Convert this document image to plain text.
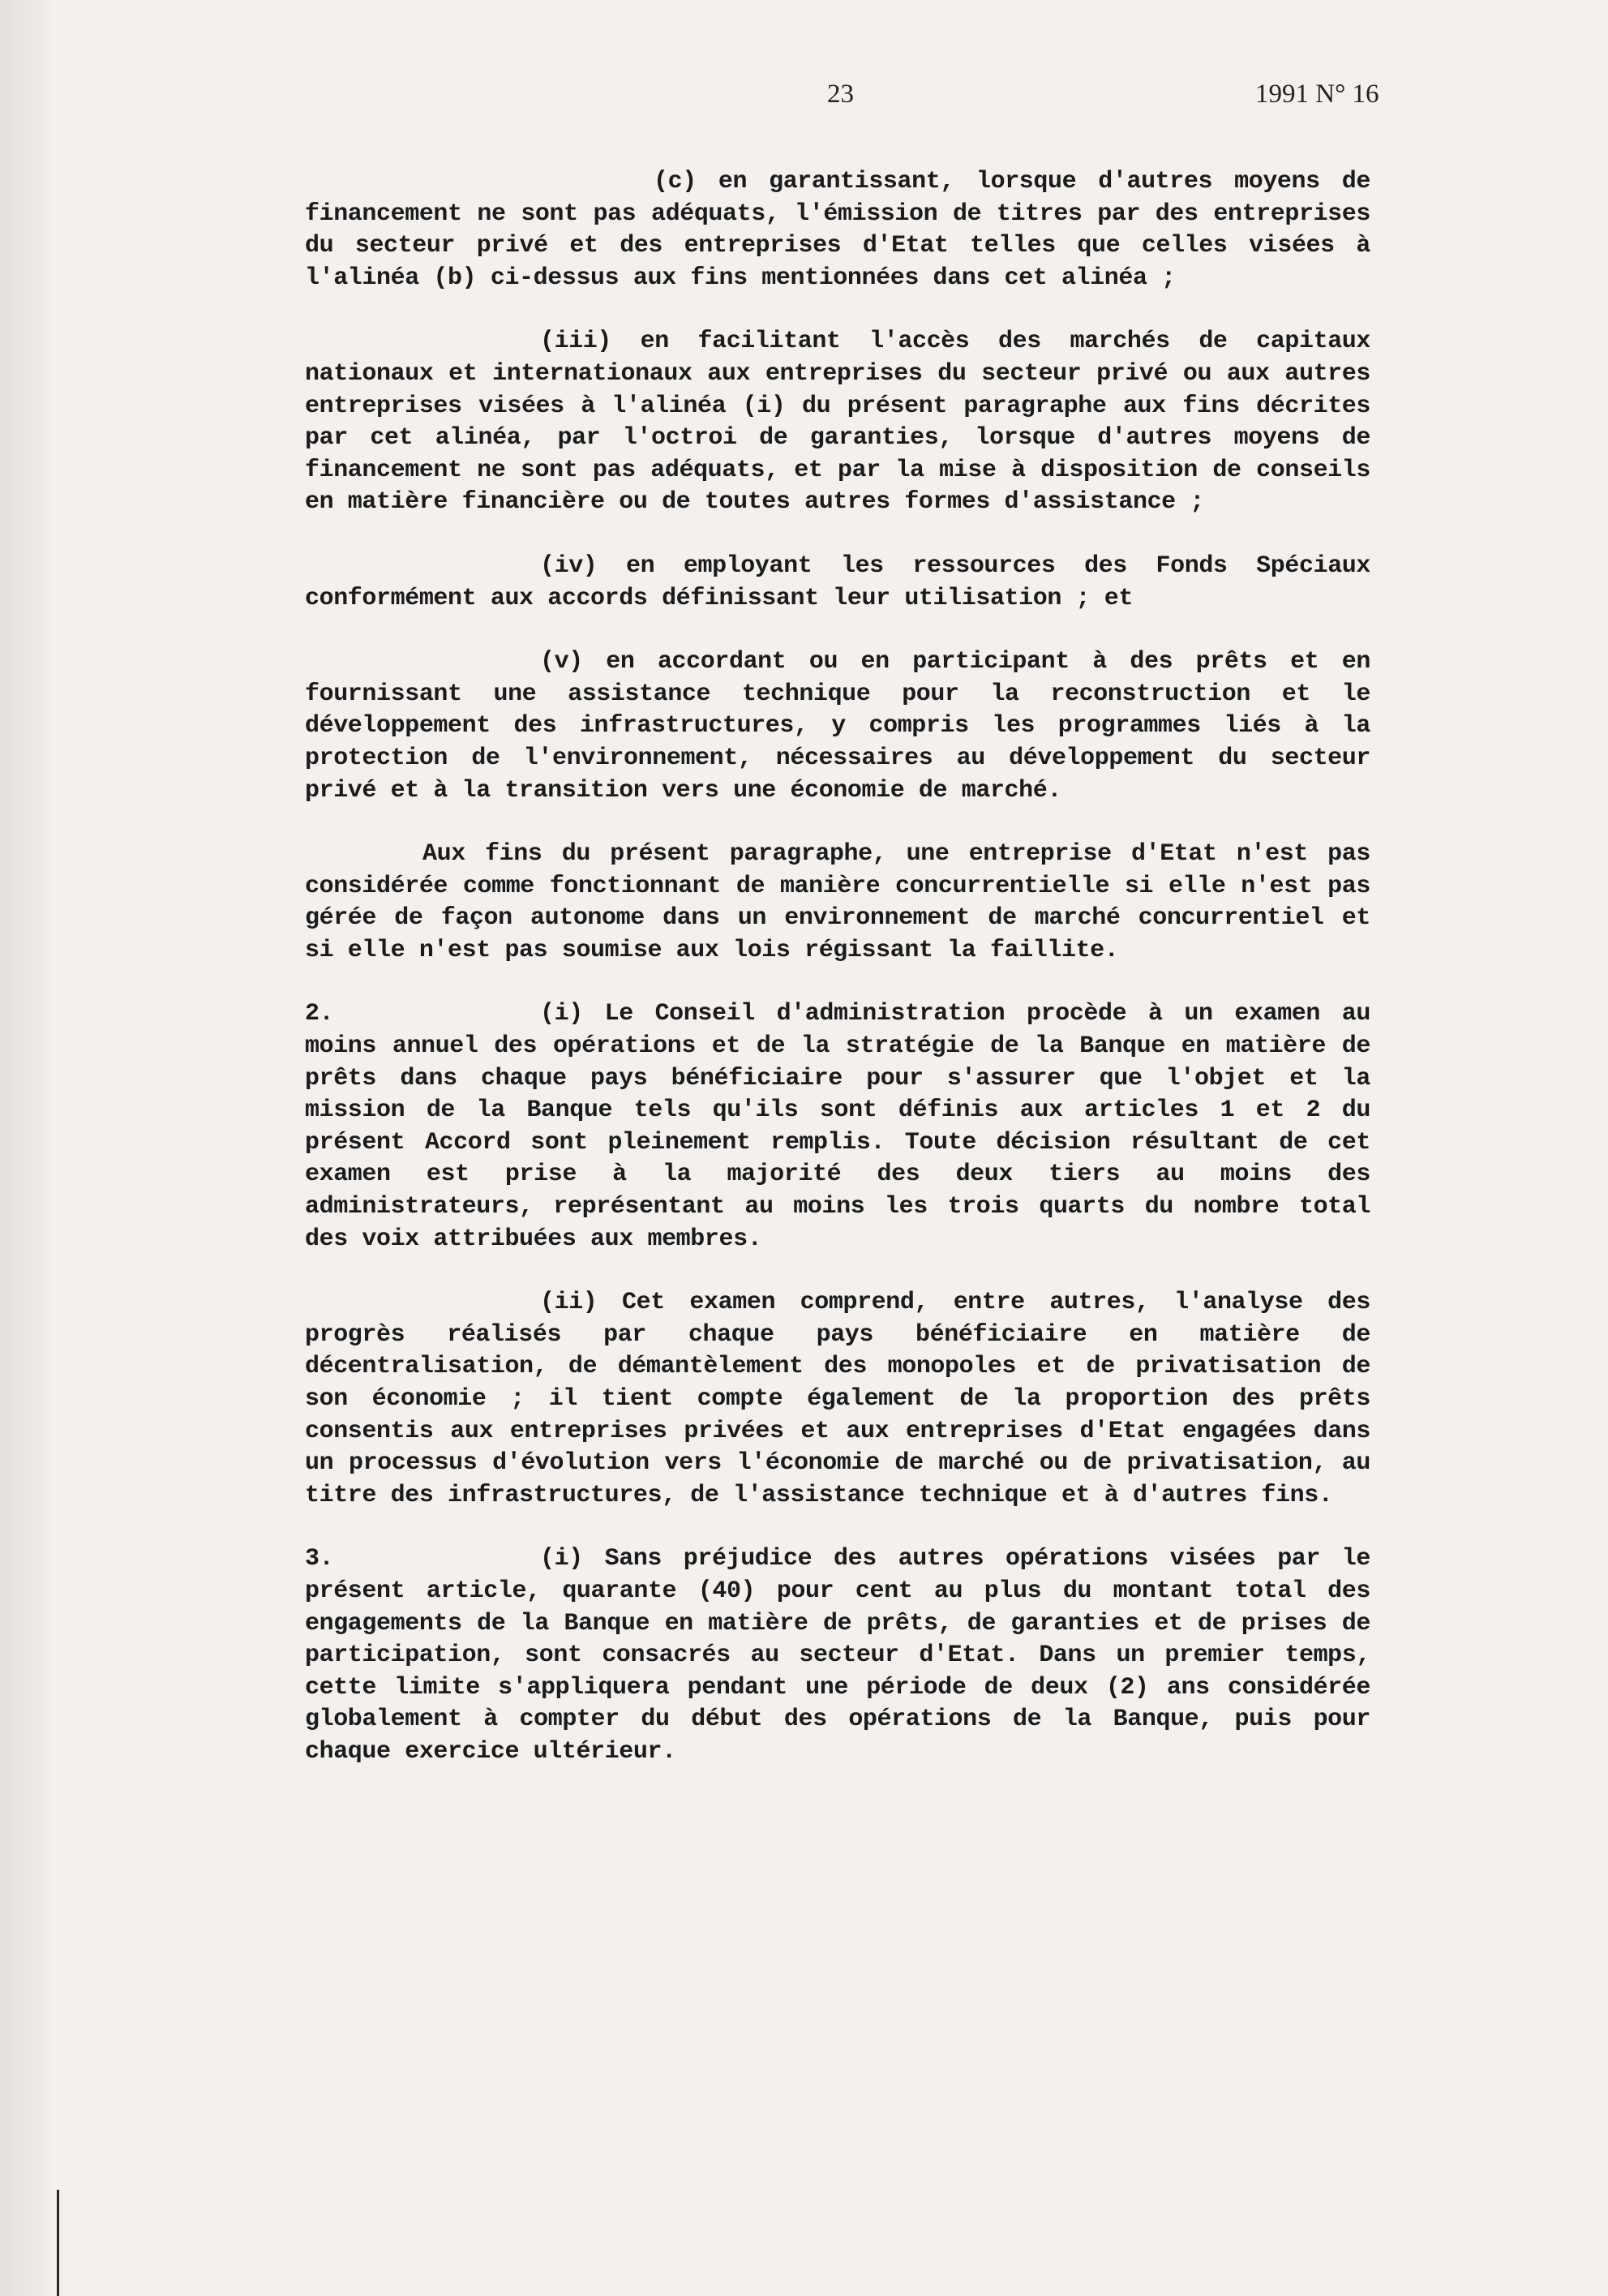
23	1991 N° 16

(c) en garantissant, lorsque d'autres moyens de financement ne sont pas adéquats, l'émission de titres par des entreprises du secteur privé et des entreprises d'Etat telles que celles visées à l'alinéa (b) ci-dessus aux fins mentionnées dans cet alinéa ;

(iii) en facilitant l'accès des marchés de capitaux nationaux et internationaux aux entreprises du secteur privé ou aux autres entreprises visées à l'alinéa (i) du présent paragraphe aux fins décrites par cet alinéa, par l'octroi de garanties, lorsque d'autres moyens de financement ne sont pas adéquats, et par la mise à disposition de conseils en matière financière ou de toutes autres formes d'assistance ;

(iv) en employant les ressources des Fonds Spéciaux conformément aux accords définissant leur utilisation ; et

(v) en accordant ou en participant à des prêts et en fournissant une assistance technique pour la reconstruction et le développement des infrastructures, y compris les programmes liés à la protection de l'environnement, nécessaires au développement du secteur privé et à la transition vers une économie de marché.

Aux fins du présent paragraphe, une entreprise d'Etat n'est pas considérée comme fonctionnant de manière concurrentielle si elle n'est pas gérée de façon autonome dans un environnement de marché concurrentiel et si elle n'est pas soumise aux lois régissant la faillite.

2.	(i) Le Conseil d'administration procède à un examen au moins annuel des opérations et de la stratégie de la Banque en matière de prêts dans chaque pays bénéficiaire pour s'assurer que l'objet et la mission de la Banque tels qu'ils sont définis aux articles 1 et 2 du présent Accord sont pleinement remplis. Toute décision résultant de cet examen est prise à la majorité des deux tiers au moins des administrateurs, représentant au moins les trois quarts du nombre total des voix attribuées aux membres.

(ii) Cet examen comprend, entre autres, l'analyse des progrès réalisés par chaque pays bénéficiaire en matière de décentralisation, de démantèlement des monopoles et de privatisation de son économie ; il tient compte également de la proportion des prêts consentis aux entreprises privées et aux entreprises d'Etat engagées dans un processus d'évolution vers l'économie de marché ou de privatisation, au titre des infrastructures, de l'assistance technique et à d'autres fins.

3.	(i) Sans préjudice des autres opérations visées par le présent article, quarante (40) pour cent au plus du montant total des engagements de la Banque en matière de prêts, de garanties et de prises de participation, sont consacrés au secteur d'Etat. Dans un premier temps, cette limite s'appliquera pendant une période de deux (2) ans considérée globalement à compter du début des opérations de la Banque, puis pour chaque exercice ultérieur.
